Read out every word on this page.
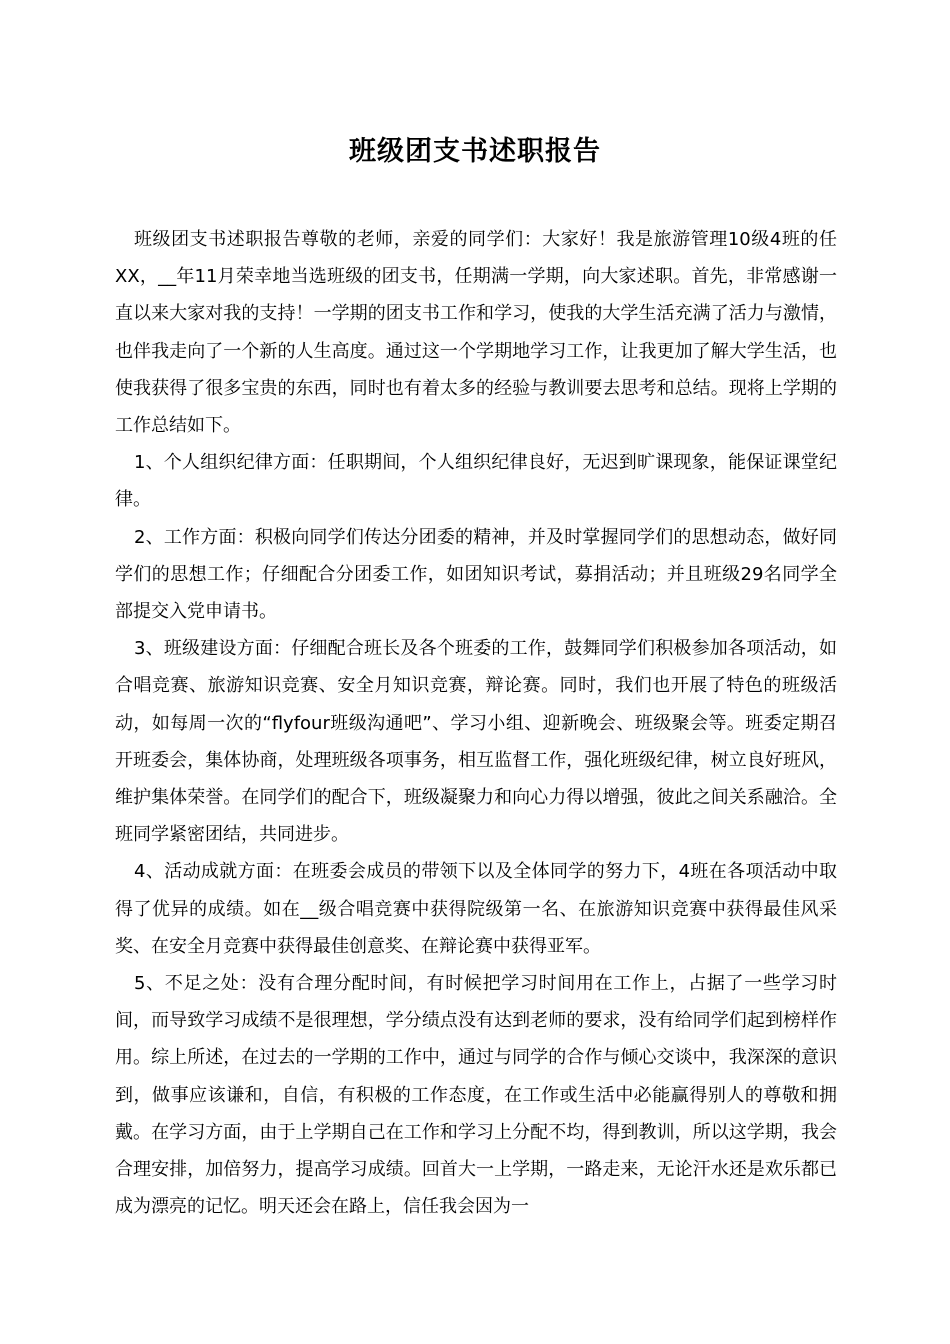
班级团支书述职报告

班级团支书述职报告尊敬的老师，亲爱的同学们：大家好！我是旅游管理10级4班的任XX，__年11月荣幸地当选班级的团支书，任期满一学期，向大家述职。首先，非常感谢一直以来大家对我的支持！一学期的团支书工作和学习，使我的大学生活充满了活力与激情，也伴我走向了一个新的人生高度。通过这一个学期地学习工作，让我更加了解大学生活，也使我获得了很多宝贵的东西，同时也有着太多的经验与教训要去思考和总结。现将上学期的工作总结如下。

1、个人组织纪律方面：任职期间，个人组织纪律良好，无迟到旷课现象，能保证课堂纪律。

2、工作方面：积极向同学们传达分团委的精神，并及时掌握同学们的思想动态，做好同学们的思想工作；仔细配合分团委工作，如团知识考试，募捐活动；并且班级29名同学全部提交入党申请书。

3、班级建设方面：仔细配合班长及各个班委的工作，鼓舞同学们积极参加各项活动，如合唱竞赛、旅游知识竞赛、安全月知识竞赛，辩论赛。同时，我们也开展了特色的班级活动，如每周一次的“flyfour班级沟通吧”、学习小组、迎新晚会、班级聚会等。班委定期召开班委会，集体协商，处理班级各项事务，相互监督工作，强化班级纪律，树立良好班风，维护集体荣誉。在同学们的配合下，班级凝聚力和向心力得以增强，彼此之间关系融洽。全班同学紧密团结，共同进步。

4、活动成就方面：在班委会成员的带领下以及全体同学的努力下，4班在各项活动中取得了优异的成绩。如在__级合唱竞赛中获得院级第一名、在旅游知识竞赛中获得最佳风采奖、在安全月竞赛中获得最佳创意奖、在辩论赛中获得亚军。

5、不足之处：没有合理分配时间，有时候把学习时间用在工作上，占据了一些学习时间，而导致学习成绩不是很理想，学分绩点没有达到老师的要求，没有给同学们起到榜样作用。综上所述，在过去的一学期的工作中，通过与同学的合作与倾心交谈中，我深深的意识到，做事应该谦和，自信，有积极的工作态度，在工作或生活中必能赢得别人的尊敬和拥戴。在学习方面，由于上学期自己在工作和学习上分配不均，得到教训，所以这学期，我会合理安排，加倍努力，提高学习成绩。回首大一上学期，一路走来，无论汗水还是欢乐都已成为漂亮的记忆。明天还会在路上，信任我会因为一
